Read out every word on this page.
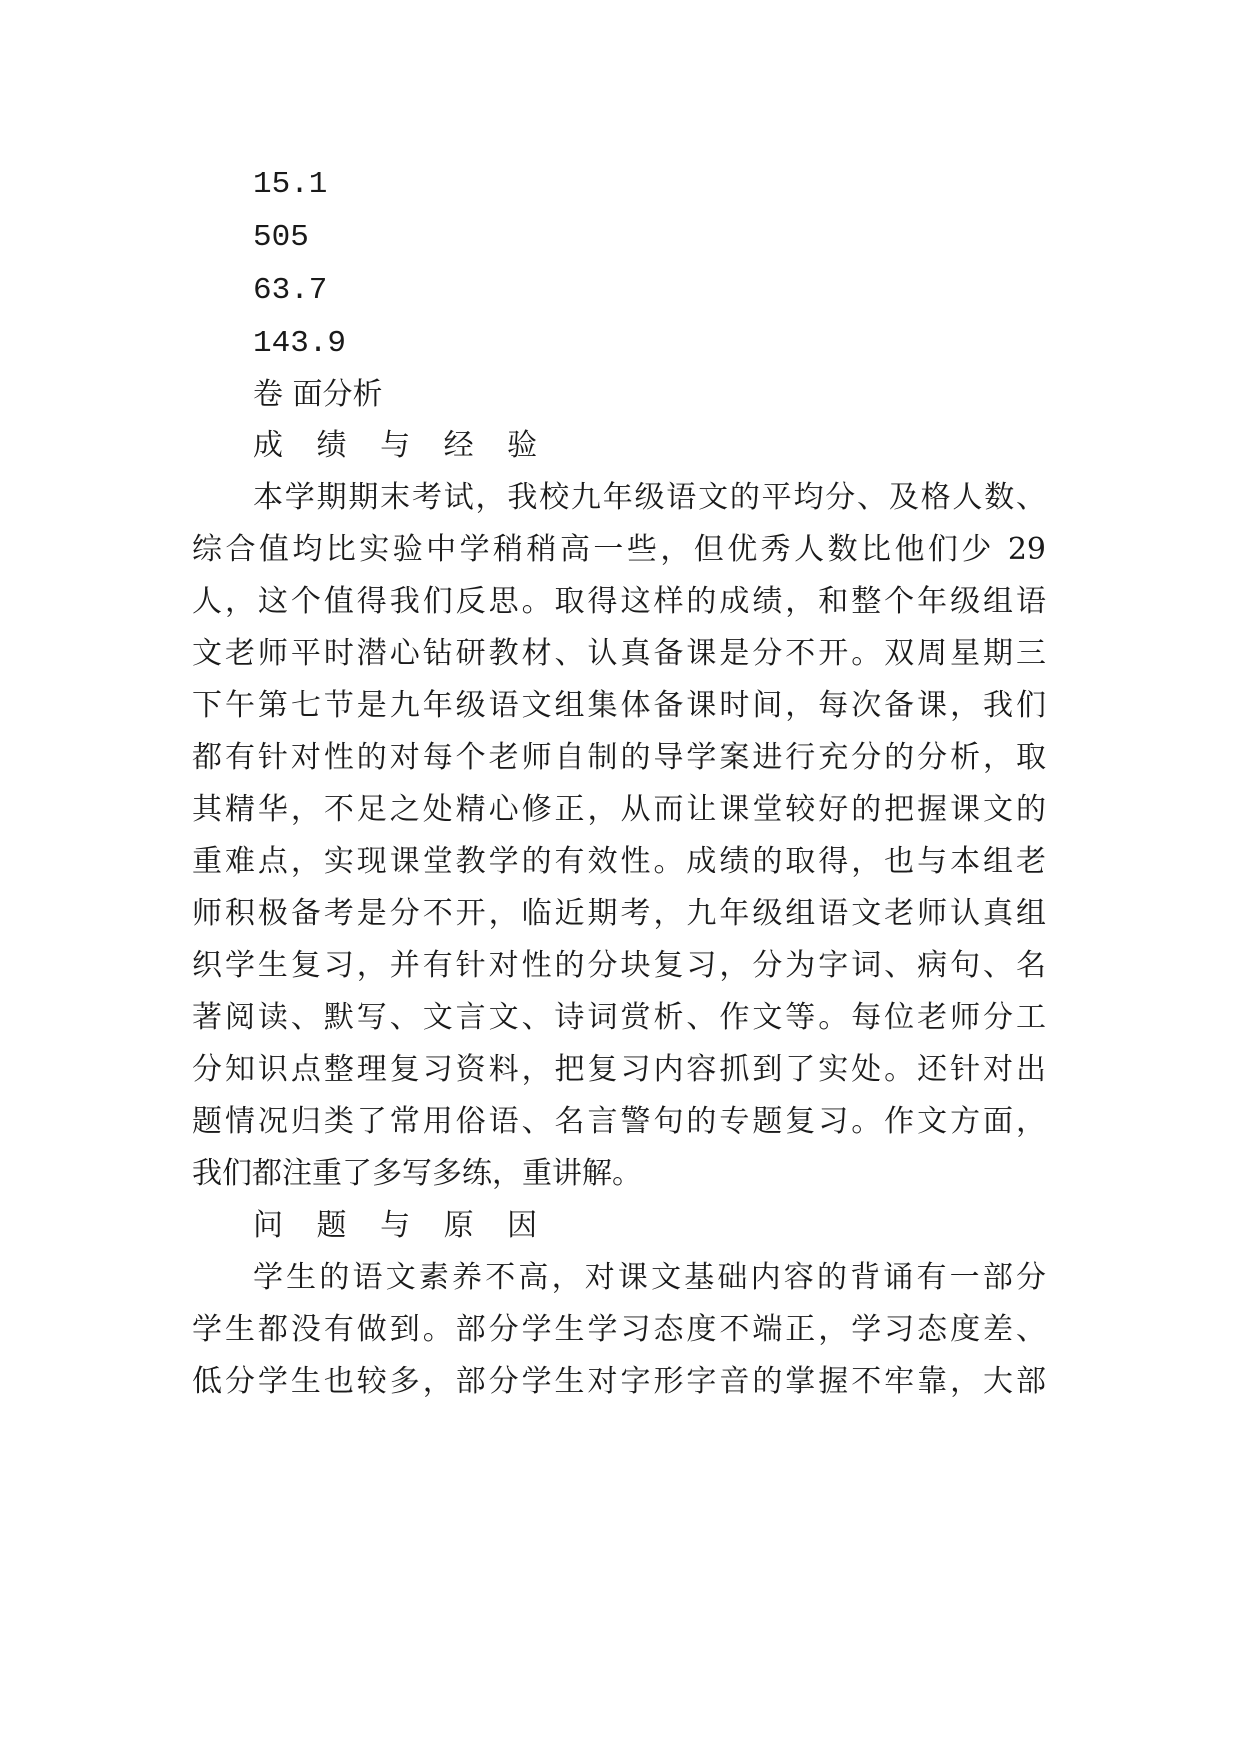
15.1
505
63.7
143.9
卷 面分析
成 绩 与 经 验
本学期期末考试，我校九年级语文的平均分、及格人数、
综合值均比实验中学稍稍高一些，但优秀人数比他们少 29
人，这个值得我们反思。取得这样的成绩，和整个年级组语
文老师平时潜心钻研教材、认真备课是分不开。双周星期三
下午第七节是九年级语文组集体备课时间，每次备课，我们
都有针对性的对每个老师自制的导学案进行充分的分析，取
其精华，不足之处精心修正，从而让课堂较好的把握课文的
重难点，实现课堂教学的有效性。成绩的取得，也与本组老
师积极备考是分不开，临近期考，九年级组语文老师认真组
织学生复习，并有针对性的分块复习，分为字词、病句、名
著阅读、默写、文言文、诗词赏析、作文等。每位老师分工
分知识点整理复习资料，把复习内容抓到了实处。还针对出
题情况归类了常用俗语、名言警句的专题复习。作文方面，
我们都注重了多写多练，重讲解。
问 题 与 原 因
学生的语文素养不高，对课文基础内容的背诵有一部分
学生都没有做到。部分学生学习态度不端正，学习态度差、
低分学生也较多，部分学生对字形字音的掌握不牢靠，大部
